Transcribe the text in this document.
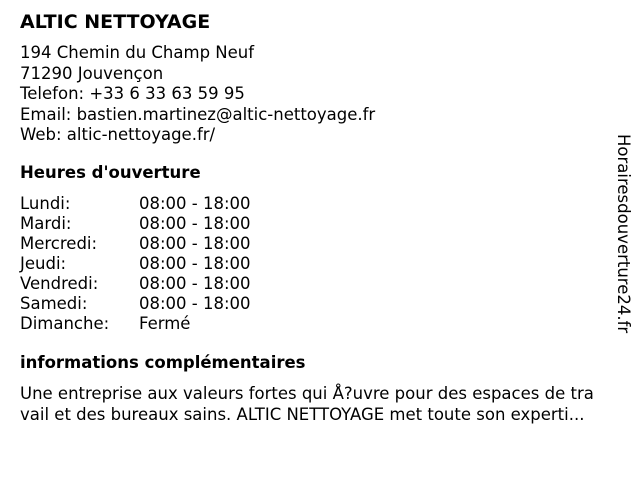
ALTIC NETTOYAGE
194 Chemin du Champ Neuf
71290 Jouvençon
Telefon: +33 6 33 63 59 95
Email: bastien.martinez@altic-nettoyage.fr
Web: altic-nettoyage.fr/
Heures d'ouverture
Lundi:	08:00 - 18:00
Mardi:	08:00 - 18:00
Mercredi:	08:00 - 18:00
Jeudi:	08:00 - 18:00
Vendredi: 08:00 - 18:00
Samedi:	08:00 - 18:00
Dimanche: Fermé
informations complémentaires
Une entreprise aux valeurs fortes qui Å?uvre pour des espaces de tra
vail et des bureaux sains. ALTIC NETTOYAGE met toute son experti...
Horairesdouverture24.fr
